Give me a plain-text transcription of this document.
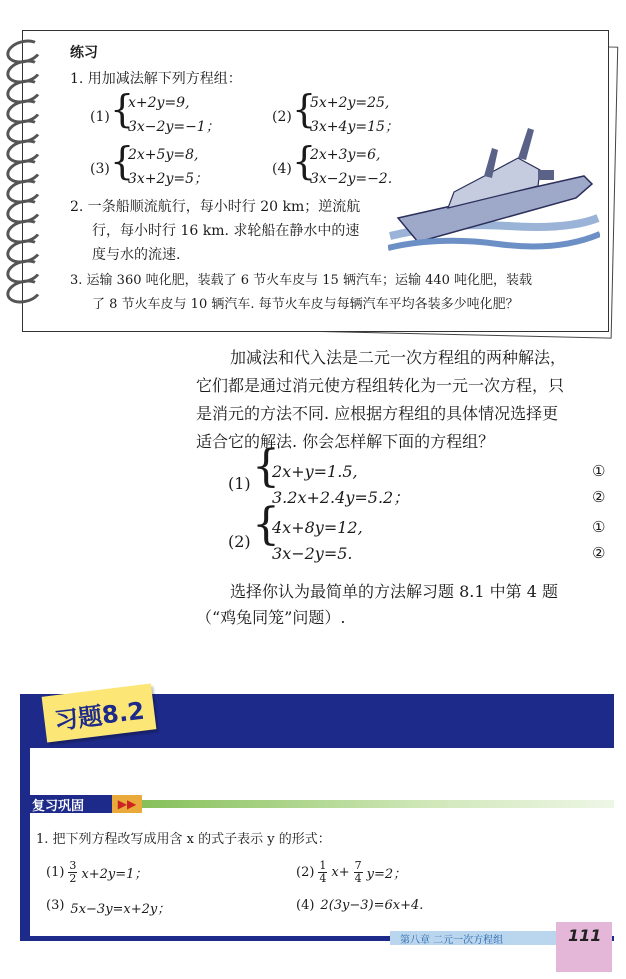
练习
1. 用加减法解下列方程组：
(1) {
x+2y=9,
3x−2y=−1；
(2) {
5x+2y=25,
3x+4y=15；
(3) {
2x+5y=8,
3x+2y=5；
(4) {
2x+3y=6,
3x−2y=−2.
2. 一条船顺流航行，每小时行 20 km；逆流航
行，每小时行 16 km. 求轮船在静水中的速
度与水的流速.
3. 运输 360 吨化肥，装载了 6 节火车皮与 15 辆汽车；运输 440 吨化肥，装载
了 8 节火车皮与 10 辆汽车. 每节火车皮与每辆汽车平均各装多少吨化肥？
加减法和代入法是二元一次方程组的两种解法，
它们都是通过消元使方程组转化为一元一次方程，只
是消元的方法不同. 应根据方程组的具体情况选择更
适合它的解法. 你会怎样解下面的方程组？
(1) {
2x+y=1.5,
3.2x+2.4y=5.2；
①
②
(2) {
4x+8y=12,
3x−2y=5.
①
②
选择你认为最简单的方法解习题 8.1 中第 4 题
（“鸡兔同笼”问题）.
习题8.2
复习巩固	▶▶
1. 把下列方程改写成用含 x 的式子表示 y 的形式：
$(1) \frac{3}{2} x+2y=1$；	$(2) \frac{1}{4} x+ \frac{7}{4} y=2$；
(3) 5x−3y=x+2y；	(4) 2(3y−3)=6x+4.
第八章 二元一次方程组	111
